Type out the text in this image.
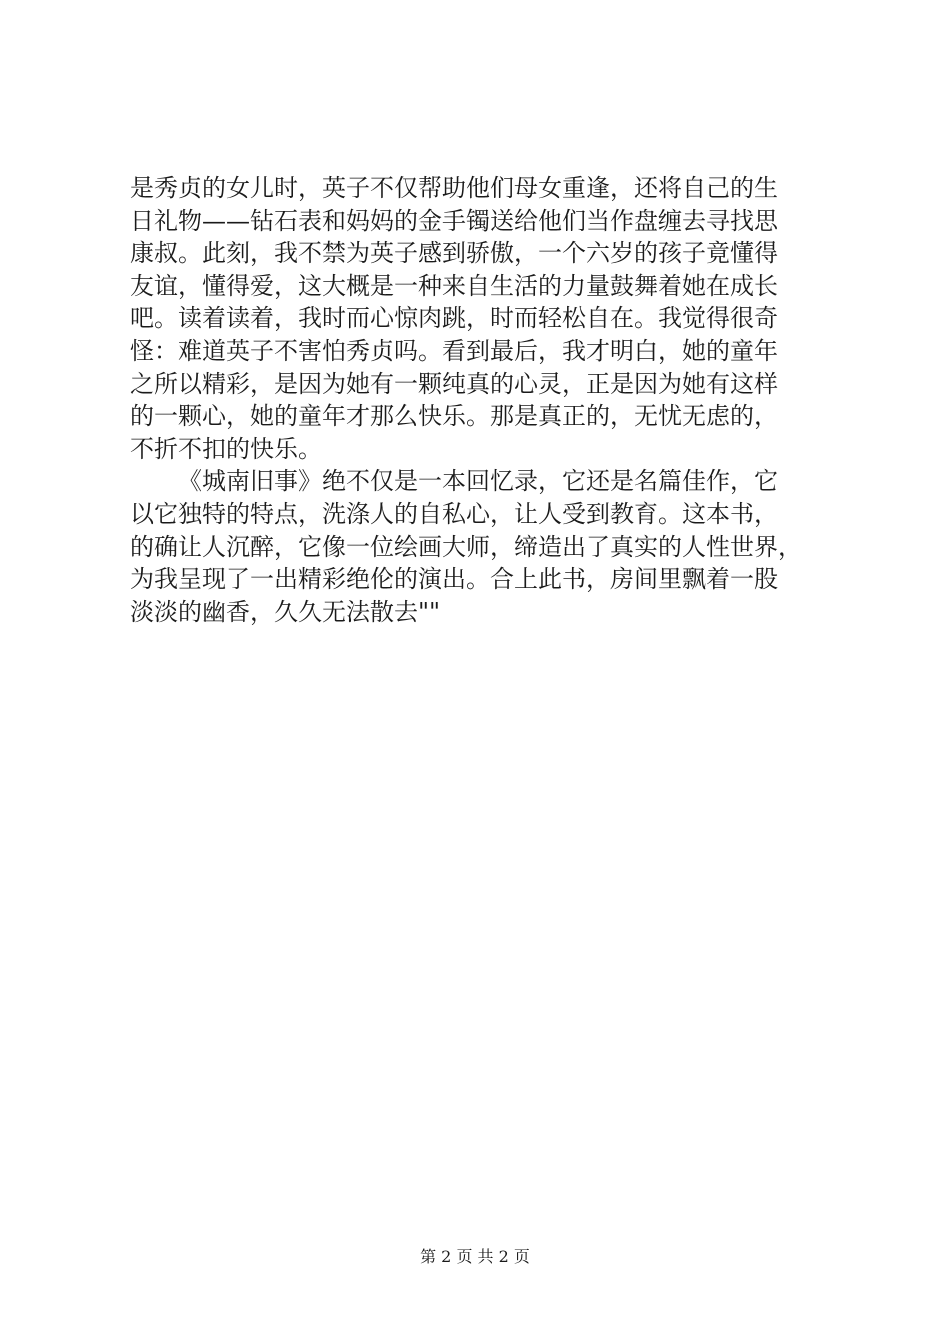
是秀贞的女儿时，英子不仅帮助他们母女重逢，还将自己的生
日礼物——钻石表和妈妈的金手镯送给他们当作盘缠去寻找思
康叔。此刻，我不禁为英子感到骄傲，一个六岁的孩子竟懂得
友谊，懂得爱，这大概是一种来自生活的力量鼓舞着她在成长
吧。读着读着，我时而心惊肉跳，时而轻松自在。我觉得很奇
怪：难道英子不害怕秀贞吗。看到最后，我才明白，她的童年
之所以精彩，是因为她有一颗纯真的心灵，正是因为她有这样
的一颗心，她的童年才那么快乐。那是真正的，无忧无虑的，
不折不扣的快乐。
《城南旧事》绝不仅是一本回忆录，它还是名篇佳作，它
以它独特的特点，洗涤人的自私心，让人受到教育。这本书，
的确让人沉醉，它像一位绘画大师，缔造出了真实的人性世界，
为我呈现了一出精彩绝伦的演出。合上此书，房间里飘着一股
淡淡的幽香，久久无法散去""
第 2 页 共 2 页
